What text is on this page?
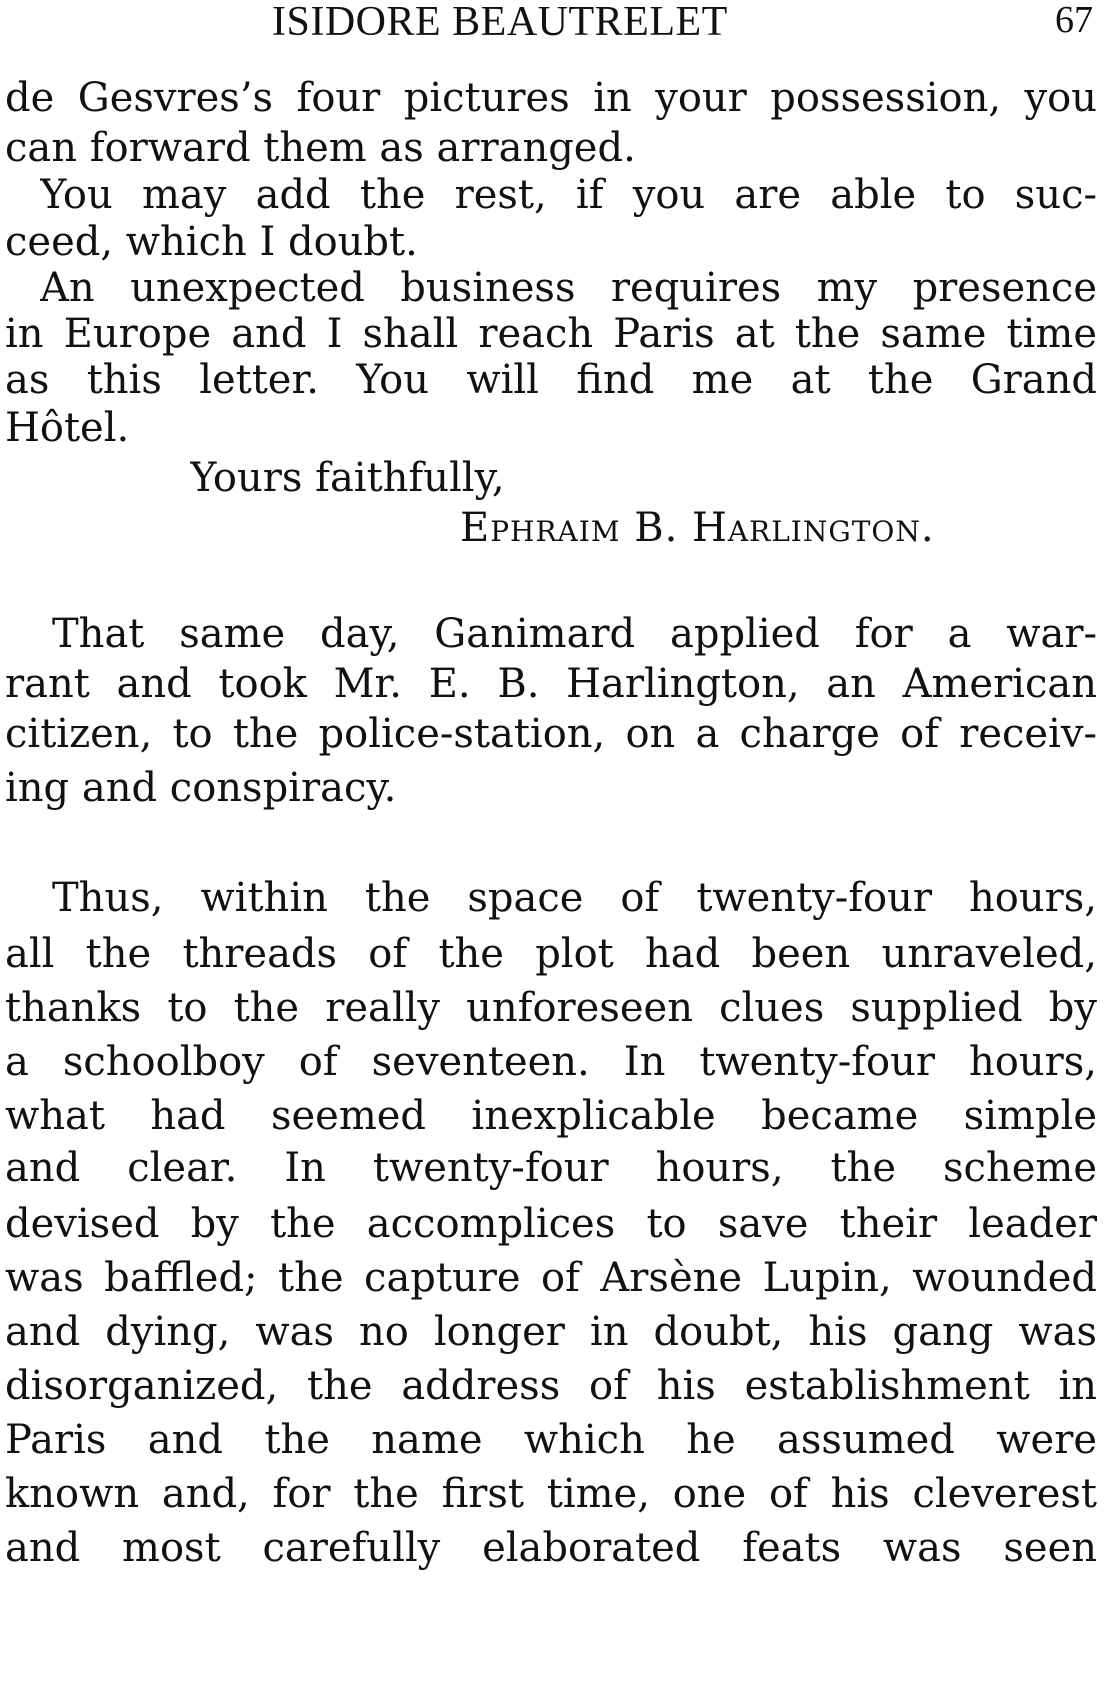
ISIDORE BEAUTRELET	67
de Gesvres’s four pictures in your possession, you
can forward them as arranged.
You may add the rest, if you are able to suc-
ceed, which I doubt.
An unexpected business requires my presence
in Europe and I shall reach Paris at the same time
as this letter. You will find me at the Grand
Hôtel.
Yours faithfully,
Ephraim B. Harlington.
That same day, Ganimard applied for a war-
rant and took Mr. E. B. Harlington, an American
citizen, to the police-station, on a charge of receiv-
ing and conspiracy.
Thus, within the space of twenty-four hours,
all the threads of the plot had been unraveled,
thanks to the really unforeseen clues supplied by
a schoolboy of seventeen. In twenty-four hours,
what had seemed inexplicable became simple
and clear. In twenty-four hours, the scheme
devised by the accomplices to save their leader
was baffled; the capture of Arsène Lupin, wounded
and dying, was no longer in doubt, his gang was
disorganized, the address of his establishment in
Paris and the name which he assumed were
known and, for the first time, one of his cleverest
and most carefully elaborated feats was seen
